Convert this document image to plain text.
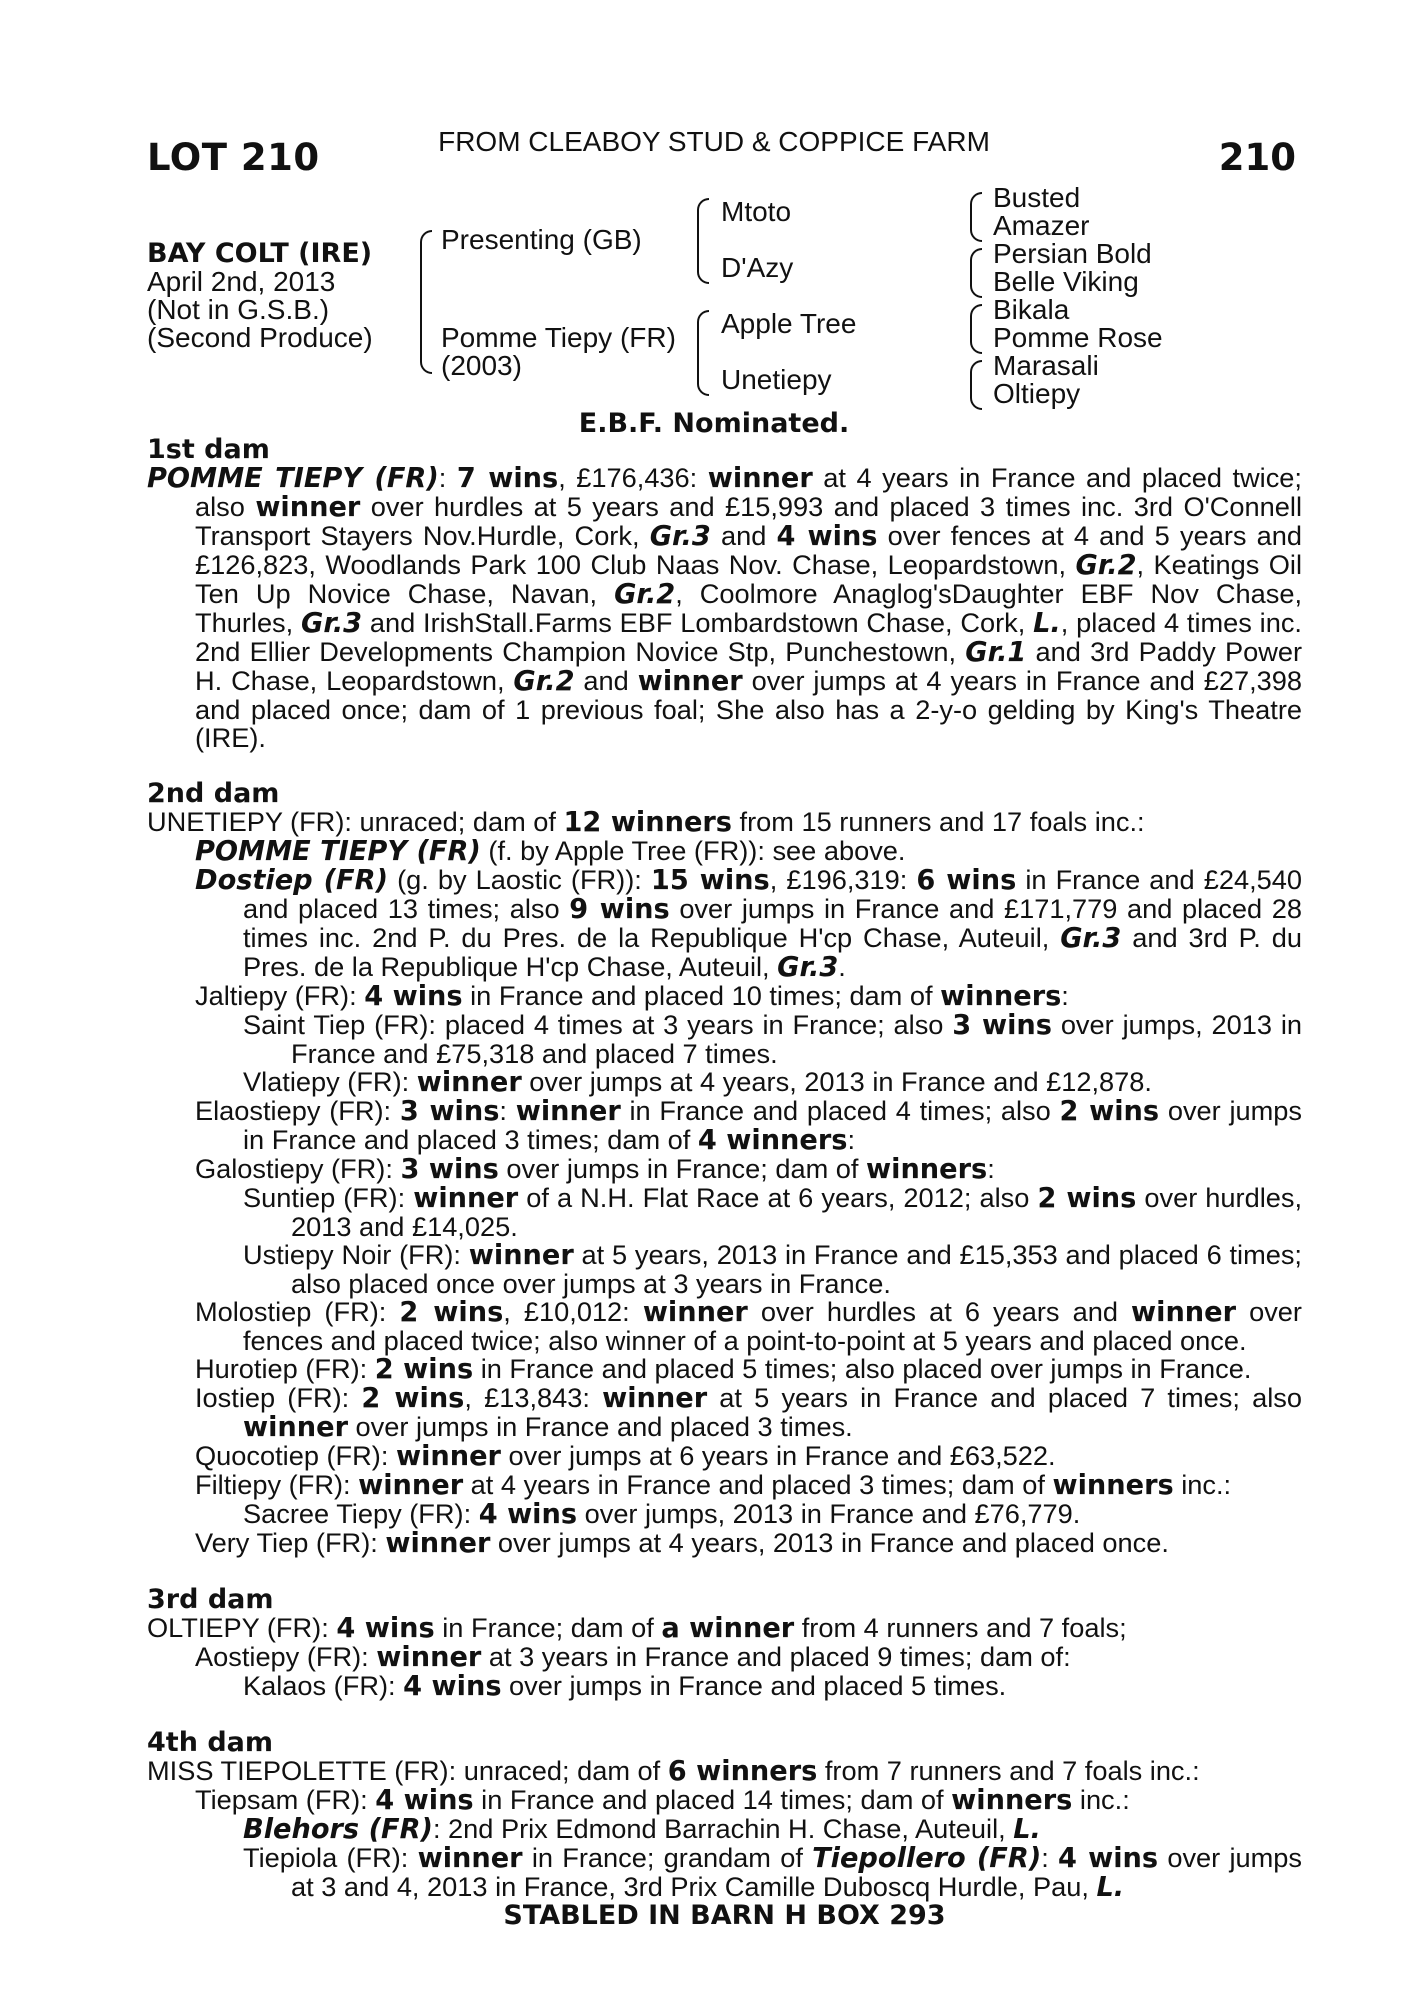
LOT 210	FROM CLEABOY STUD & COPPICE FARM	210
BAY COLT (IRE)
April 2nd, 2013
(Not in G.S.B.)
(Second Produce)
Presenting (GB)
Pomme Tiepy (FR)
(2003)
Mtoto
D'Azy
Apple Tree
Unetiepy
Busted
Amazer
Persian Bold
Belle Viking
Bikala
Pomme Rose
Marasali
Oltiepy
E.B.F. Nominated.

1st dam

POMME TIEPY (FR): 7 wins, £176,436: winner at 4 years in France and placed twice; also winner over hurdles at 5 years and £15,993 and placed 3 times inc. 3rd O'Connell Transport Stayers Nov.Hurdle, Cork, Gr.3 and 4 wins over fences at 4 and 5 years and £126,823, Woodlands Park 100 Club Naas Nov. Chase, Leopardstown, Gr.2, Keatings Oil Ten Up Novice Chase, Navan, Gr.2, Coolmore Anaglog'sDaughter EBF Nov Chase, Thurles, Gr.3 and IrishStall.Farms EBF Lombardstown Chase, Cork, L., placed 4 times inc. 2nd Ellier Developments Champion Novice Stp, Punchestown, Gr.1 and 3rd Paddy Power H. Chase, Leopardstown, Gr.2 and winner over jumps at 4 years in France and £27,398 and placed once; dam of 1 previous foal; She also has a 2-y-o gelding by King's Theatre (IRE).

2nd dam

UNETIEPY (FR): unraced; dam of 12 winners from 15 runners and 17 foals inc.:

POMME TIEPY (FR) (f. by Apple Tree (FR)): see above.

Dostiep (FR) (g. by Laostic (FR)): 15 wins, £196,319: 6 wins in France and £24,540 and placed 13 times; also 9 wins over jumps in France and £171,779 and placed 28 times inc. 2nd P. du Pres. de la Republique H'cp Chase, Auteuil, Gr.3 and 3rd P. du Pres. de la Republique H'cp Chase, Auteuil, Gr.3.

Jaltiepy (FR): 4 wins in France and placed 10 times; dam of winners:

Saint Tiep (FR): placed 4 times at 3 years in France; also 3 wins over jumps, 2013 in France and £75,318 and placed 7 times.

Vlatiepy (FR): winner over jumps at 4 years, 2013 in France and £12,878.

Elaostiepy (FR): 3 wins: winner in France and placed 4 times; also 2 wins over jumps in France and placed 3 times; dam of 4 winners:

Galostiepy (FR): 3 wins over jumps in France; dam of winners:

Suntiep (FR): winner of a N.H. Flat Race at 6 years, 2012; also 2 wins over hurdles, 2013 and £14,025.

Ustiepy Noir (FR): winner at 5 years, 2013 in France and £15,353 and placed 6 times; also placed once over jumps at 3 years in France.

Molostiep (FR): 2 wins, £10,012: winner over hurdles at 6 years and winner over fences and placed twice; also winner of a point-to-point at 5 years and placed once.

Hurotiep (FR): 2 wins in France and placed 5 times; also placed over jumps in France.

Iostiep (FR): 2 wins, £13,843: winner at 5 years in France and placed 7 times; also winner over jumps in France and placed 3 times.

Quocotiep (FR): winner over jumps at 6 years in France and £63,522.

Filtiepy (FR): winner at 4 years in France and placed 3 times; dam of winners inc.:

Sacree Tiepy (FR): 4 wins over jumps, 2013 in France and £76,779.

Very Tiep (FR): winner over jumps at 4 years, 2013 in France and placed once.

3rd dam

OLTIEPY (FR): 4 wins in France; dam of a winner from 4 runners and 7 foals;

Aostiepy (FR): winner at 3 years in France and placed 9 times; dam of:

Kalaos (FR): 4 wins over jumps in France and placed 5 times.

4th dam

MISS TIEPOLETTE (FR): unraced; dam of 6 winners from 7 runners and 7 foals inc.:

Tiepsam (FR): 4 wins in France and placed 14 times; dam of winners inc.:

Blehors (FR): 2nd Prix Edmond Barrachin H. Chase, Auteuil, L.

Tiepiola (FR): winner in France; grandam of Tiepollero (FR): 4 wins over jumps at 3 and 4, 2013 in France, 3rd Prix Camille Duboscq Hurdle, Pau, L.

STABLED IN BARN H BOX 293
